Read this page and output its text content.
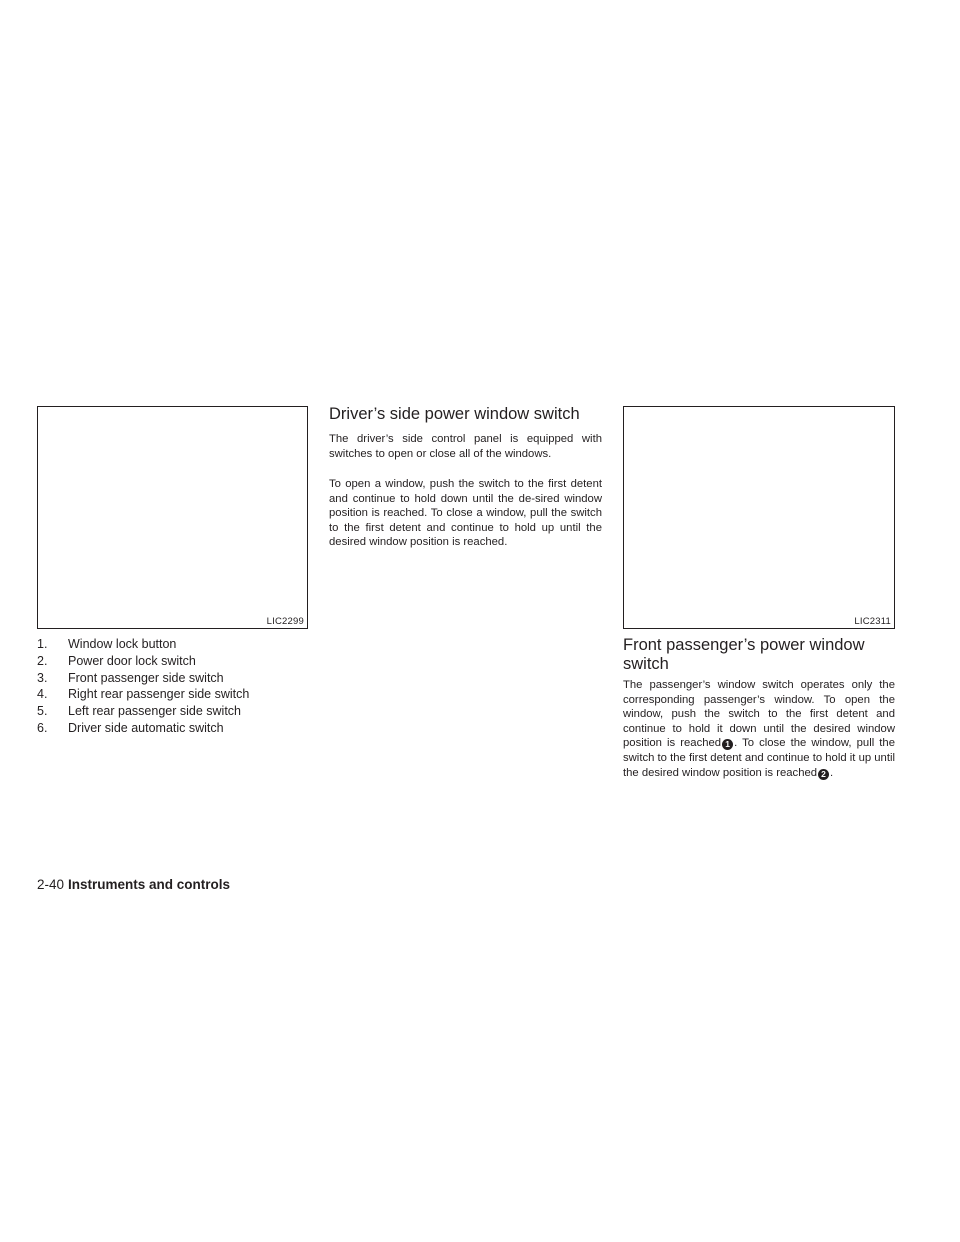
LIC2299
1.	Window lock button
2.	Power door lock switch
3.	Front passenger side switch
4.	Right rear passenger side switch
5.	Left rear passenger side switch
6.	Driver side automatic switch
Driver’s side power window switch

The driver’s side control panel is equipped with switches to open or close all of the windows.

To open a window, push the switch to the first detent and continue to hold down until the de-sired window position is reached. To close a window, pull the switch to the first detent and continue to hold up until the desired window position is reached.

LIC2311
Front passenger’s power window switch

The passenger’s window switch operates only the corresponding passenger’s window. To open the window, push the switch to the first detent and continue to hold it down until the desired window position is reached 1 . To close the window, pull the switch to the first detent and continue to hold it up until the desired window position is reached 2 .

2-40 Instruments and controls
